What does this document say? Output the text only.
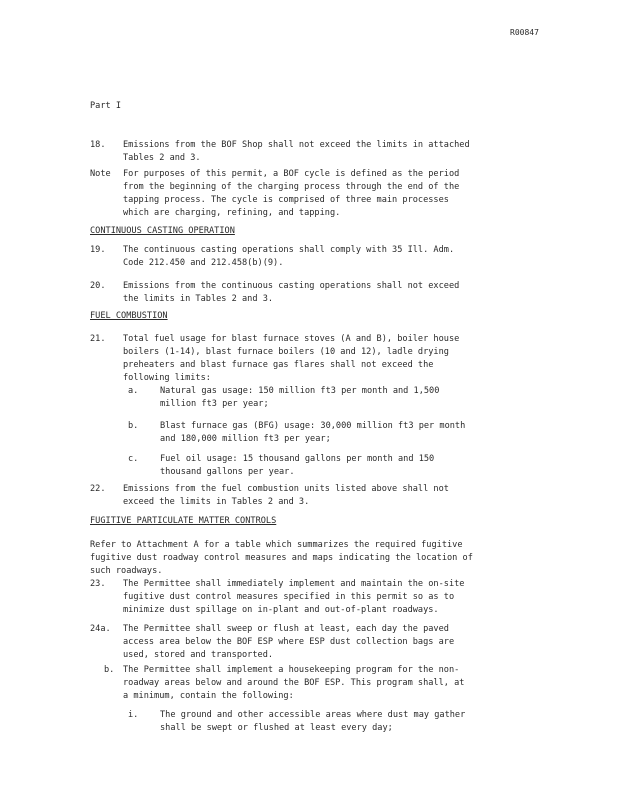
R00847
Part I
18. Emissions from the BOF Shop shall not exceed the limits in attached
Tables 2 and 3.
Note For purposes of this permit, a BOF cycle is defined as the period
from the beginning of the charging process through the end of the
tapping process. The cycle is comprised of three main processes
which are charging, refining, and tapping.
CONTINUOUS CASTING OPERATION
19. The continuous casting operations shall comply with 35 Ill. Adm.
Code 212.450 and 212.458(b)(9).
20. Emissions from the continuous casting operations shall not exceed
the limits in Tables 2 and 3.
FUEL COMBUSTION
21. Total fuel usage for blast furnace stoves (A and B), boiler house
boilers (1-14), blast furnace boilers (10 and 12), ladle drying
preheaters and blast furnace gas flares shall not exceed the
following limits:
a.	Natural gas usage: 150 million ft3 per month and 1,500
million ft3 per year;
b.	Blast furnace gas (BFG) usage: 30,000 million ft3 per month
and 180,000 million ft3 per year;
c.	Fuel oil usage: 15 thousand gallons per month and 150
thousand gallons per year.
22. Emissions from the fuel combustion units listed above shall not
exceed the limits in Tables 2 and 3.
FUGITIVE PARTICULATE MATTER CONTROLS
Refer to Attachment A for a table which summarizes the required fugitive
fugitive dust roadway control measures and maps indicating the location of
such roadways.
23. The Permittee shall immediately implement and maintain the on-site
fugitive dust control measures specified in this permit so as to
minimize dust spillage on in-plant and out-of-plant roadways.
24a. The Permittee shall sweep or flush at least, each day the paved
access area below the BOF ESP where ESP dust collection bags are
used, stored and transported.
b. The Permittee shall implement a housekeeping program for the non-
roadway areas below and around the BOF ESP. This program shall, at
a minimum, contain the following:
i.	The ground and other accessible areas where dust may gather
shall be swept or flushed at least every day;
